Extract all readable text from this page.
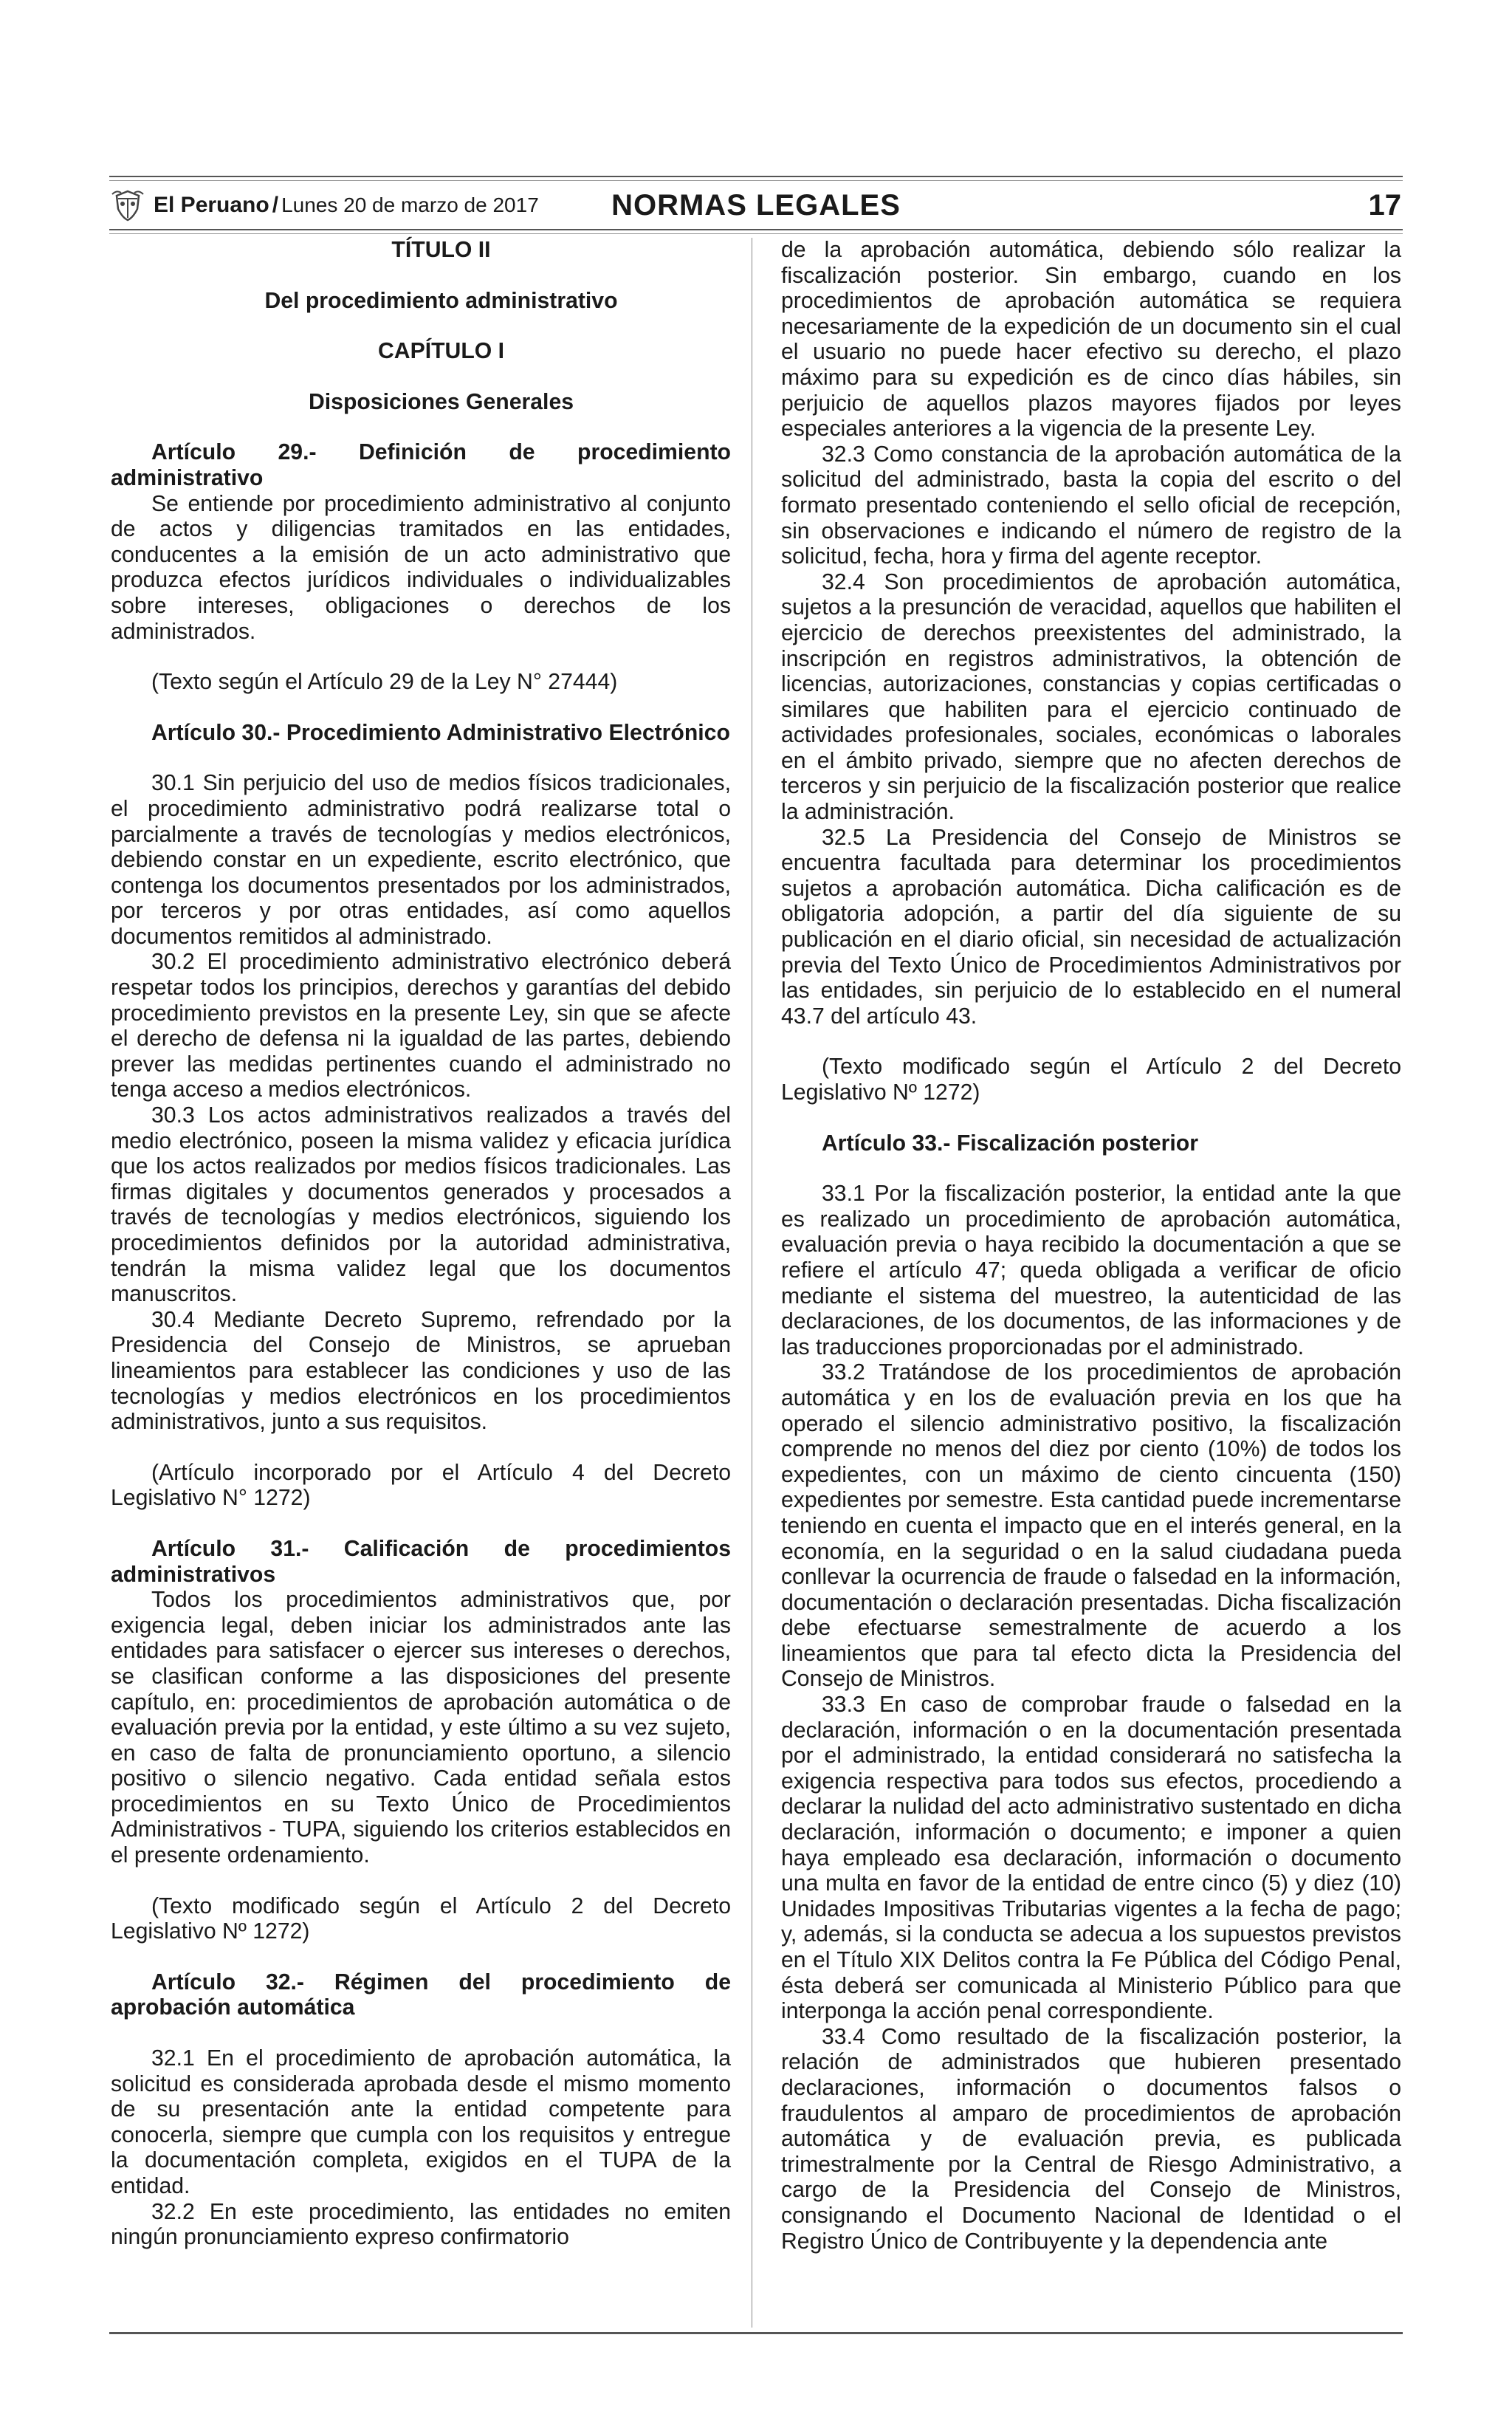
El Peruano / Lunes 20 de marzo de 2017	NORMAS LEGALES	17

TÍTULO II

Del procedimiento administrativo

CAPÍTULO I

Disposiciones Generales

Artículo 29.- Definición de procedimiento administrativo

Se entiende por procedimiento administrativo al conjunto de actos y diligencias tramitados en las entidades, conducentes a la emisión de un acto administrativo que produzca efectos jurídicos individuales o individualizables sobre intereses, obligaciones o derechos de los administrados.

(Texto según el Artículo 29 de la Ley N° 27444)

Artículo 30.- Procedimiento Administrativo Electrónico

30.1 Sin perjuicio del uso de medios físicos tradicionales, el procedimiento administrativo podrá realizarse total o parcialmente a través de tecnologías y medios electrónicos, debiendo constar en un expediente, escrito electrónico, que contenga los documentos presentados por los administrados, por terceros y por otras entidades, así como aquellos documentos remitidos al administrado.

30.2 El procedimiento administrativo electrónico deberá respetar todos los principios, derechos y garantías del debido procedimiento previstos en la presente Ley, sin que se afecte el derecho de defensa ni la igualdad de las partes, debiendo prever las medidas pertinentes cuando el administrado no tenga acceso a medios electrónicos.

30.3 Los actos administrativos realizados a través del medio electrónico, poseen la misma validez y eficacia jurídica que los actos realizados por medios físicos tradicionales. Las firmas digitales y documentos generados y procesados a través de tecnologías y medios electrónicos, siguiendo los procedimientos definidos por la autoridad administrativa, tendrán la misma validez legal que los documentos manuscritos.

30.4 Mediante Decreto Supremo, refrendado por la Presidencia del Consejo de Ministros, se aprueban lineamientos para establecer las condiciones y uso de las tecnologías y medios electrónicos en los procedimientos administrativos, junto a sus requisitos.

(Artículo incorporado por el Artículo 4 del Decreto Legislativo N° 1272)

Artículo 31.- Calificación de procedimientos administrativos

Todos los procedimientos administrativos que, por exigencia legal, deben iniciar los administrados ante las entidades para satisfacer o ejercer sus intereses o derechos, se clasifican conforme a las disposiciones del presente capítulo, en: procedimientos de aprobación automática o de evaluación previa por la entidad, y este último a su vez sujeto, en caso de falta de pronunciamiento oportuno, a silencio positivo o silencio negativo. Cada entidad señala estos procedimientos en su Texto Único de Procedimientos Administrativos - TUPA, siguiendo los criterios establecidos en el presente ordenamiento.

(Texto modificado según el Artículo 2 del Decreto Legislativo Nº 1272)

Artículo 32.- Régimen del procedimiento de aprobación automática

32.1 En el procedimiento de aprobación automática, la solicitud es considerada aprobada desde el mismo momento de su presentación ante la entidad competente para conocerla, siempre que cumpla con los requisitos y entregue la documentación completa, exigidos en el TUPA de la entidad.

32.2 En este procedimiento, las entidades no emiten ningún pronunciamiento expreso confirmatorio

de la aprobación automática, debiendo sólo realizar la fiscalización posterior. Sin embargo, cuando en los procedimientos de aprobación automática se requiera necesariamente de la expedición de un documento sin el cual el usuario no puede hacer efectivo su derecho, el plazo máximo para su expedición es de cinco días hábiles, sin perjuicio de aquellos plazos mayores fijados por leyes especiales anteriores a la vigencia de la presente Ley.

32.3 Como constancia de la aprobación automática de la solicitud del administrado, basta la copia del escrito o del formato presentado conteniendo el sello oficial de recepción, sin observaciones e indicando el número de registro de la solicitud, fecha, hora y firma del agente receptor.

32.4 Son procedimientos de aprobación automática, sujetos a la presunción de veracidad, aquellos que habiliten el ejercicio de derechos preexistentes del administrado, la inscripción en registros administrativos, la obtención de licencias, autorizaciones, constancias y copias certificadas o similares que habiliten para el ejercicio continuado de actividades profesionales, sociales, económicas o laborales en el ámbito privado, siempre que no afecten derechos de terceros y sin perjuicio de la fiscalización posterior que realice la administración.

32.5 La Presidencia del Consejo de Ministros se encuentra facultada para determinar los procedimientos sujetos a aprobación automática. Dicha calificación es de obligatoria adopción, a partir del día siguiente de su publicación en el diario oficial, sin necesidad de actualización previa del Texto Único de Procedimientos Administrativos por las entidades, sin perjuicio de lo establecido en el numeral 43.7 del artículo 43.

(Texto modificado según el Artículo 2 del Decreto Legislativo Nº 1272)

Artículo 33.- Fiscalización posterior

33.1 Por la fiscalización posterior, la entidad ante la que es realizado un procedimiento de aprobación automática, evaluación previa o haya recibido la documentación a que se refiere el artículo 47; queda obligada a verificar de oficio mediante el sistema del muestreo, la autenticidad de las declaraciones, de los documentos, de las informaciones y de las traducciones proporcionadas por el administrado.

33.2 Tratándose de los procedimientos de aprobación automática y en los de evaluación previa en los que ha operado el silencio administrativo positivo, la fiscalización comprende no menos del diez por ciento (10%) de todos los expedientes, con un máximo de ciento cincuenta (150) expedientes por semestre. Esta cantidad puede incrementarse teniendo en cuenta el impacto que en el interés general, en la economía, en la seguridad o en la salud ciudadana pueda conllevar la ocurrencia de fraude o falsedad en la información, documentación o declaración presentadas. Dicha fiscalización debe efectuarse semestralmente de acuerdo a los lineamientos que para tal efecto dicta la Presidencia del Consejo de Ministros.

33.3 En caso de comprobar fraude o falsedad en la declaración, información o en la documentación presentada por el administrado, la entidad considerará no satisfecha la exigencia respectiva para todos sus efectos, procediendo a declarar la nulidad del acto administrativo sustentado en dicha declaración, información o documento; e imponer a quien haya empleado esa declaración, información o documento una multa en favor de la entidad de entre cinco (5) y diez (10) Unidades Impositivas Tributarias vigentes a la fecha de pago; y, además, si la conducta se adecua a los supuestos previstos en el Título XIX Delitos contra la Fe Pública del Código Penal, ésta deberá ser comunicada al Ministerio Público para que interponga la acción penal correspondiente.

33.4 Como resultado de la fiscalización posterior, la relación de administrados que hubieren presentado declaraciones, información o documentos falsos o fraudulentos al amparo de procedimientos de aprobación automática y de evaluación previa, es publicada trimestralmente por la Central de Riesgo Administrativo, a cargo de la Presidencia del Consejo de Ministros, consignando el Documento Nacional de Identidad o el Registro Único de Contribuyente y la dependencia ante
